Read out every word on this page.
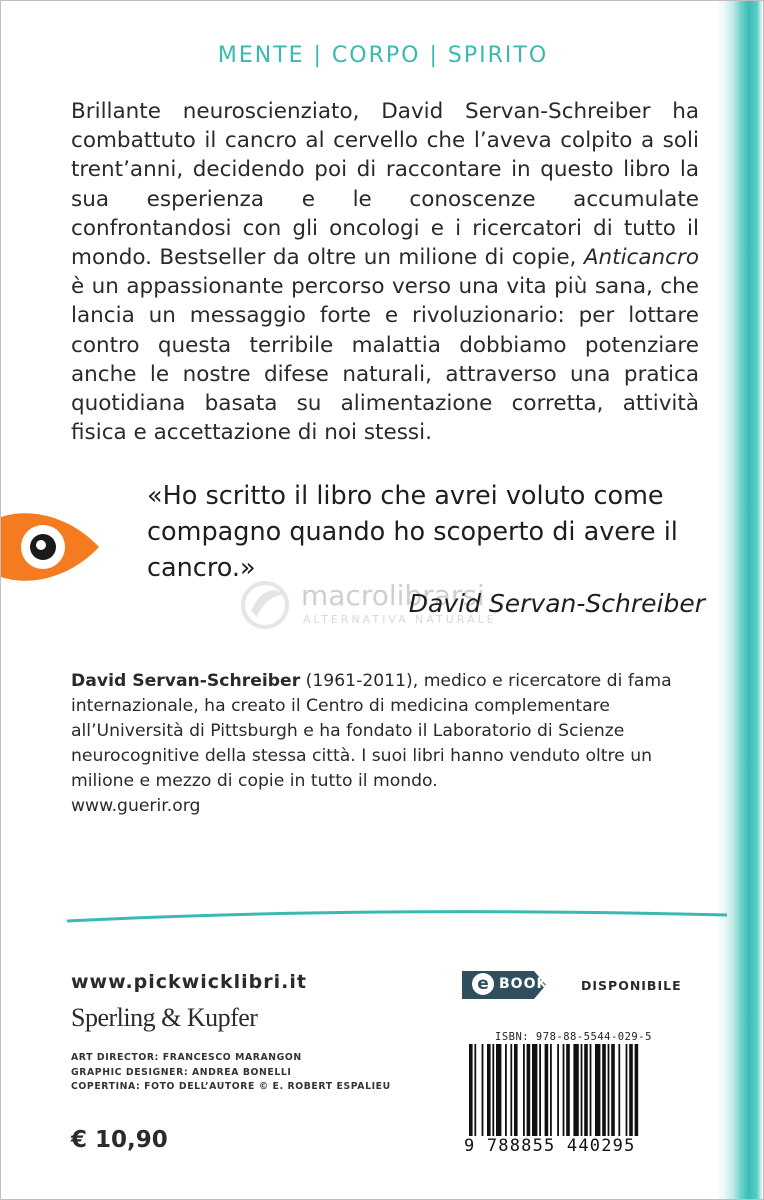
MENTE | CORPO | SPIRITO
Brillante neuroscienziato, David Servan-Schreiber ha combattuto il cancro al cervello che l’aveva colpito a soli trent’anni, decidendo poi di raccontare in questo libro la sua esperienza e le conoscenze accumulate confrontandosi con gli oncologi e i ricercatori di tutto il mondo. Bestseller da oltre un milione di copie, Anticancro è un appassionante percorso verso una vita più sana, che lancia un messaggio forte e rivoluzionario: per lottare contro questa terribile malattia dobbiamo potenziare anche le nostre difese naturali, attraverso una pratica quotidiana basata su alimentazione corretta, attività fisica e accettazione di noi stessi.
«Ho scritto il libro che avrei voluto come compagno quando ho scoperto di avere il cancro.»
macrolibrarsi
ALTERNATIVA NATURALE
David Servan-Schreiber
David Servan-Schreiber (1961-2011), medico e ricercatore di fama internazionale, ha creato il Centro di medicina complementare all’Università di Pittsburgh e ha fondato il Laboratorio di Scienze neurocognitive della stessa città. I suoi libri hanno venduto oltre un milione e mezzo di copie in tutto il mondo.
www.guerir.org
www.pickwicklibri.it
Sperling & Kupfer
ART DIRECTOR: FRANCESCO MARANGON
GRAPHIC DESIGNER: ANDREA BONELLI
COPERTINA: FOTO DELL’AUTORE © E. ROBERT ESPALIEU
€ 10,90
e BOOK	DISPONIBILE
ISBN: 978-88-5544-029-5
9 788855 440295
